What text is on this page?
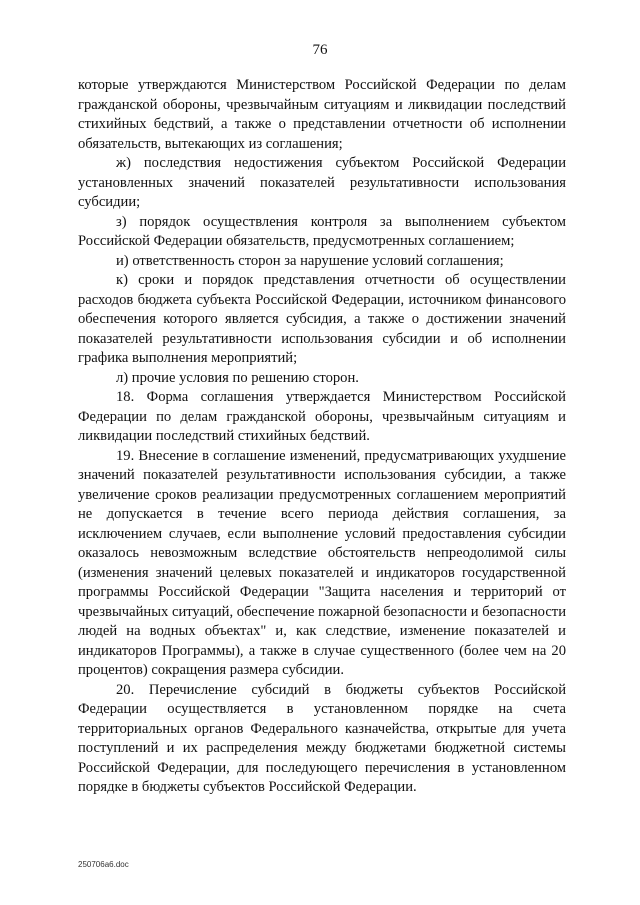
76

которые утверждаются Министерством Российской Федерации по делам гражданской обороны, чрезвычайным ситуациям и ликвидации последствий стихийных бедствий, а также о представлении отчетности об исполнении обязательств, вытекающих из соглашения;

ж) последствия недостижения субъектом Российской Федерации установленных значений показателей результативности использования субсидии;

з) порядок осуществления контроля за выполнением субъектом Российской Федерации обязательств, предусмотренных соглашением;

и) ответственность сторон за нарушение условий соглашения;

к) сроки и порядок представления отчетности об осуществлении расходов бюджета субъекта Российской Федерации, источником финансового обеспечения которого является субсидия, а также о достижении значений показателей результативности использования субсидии и об исполнении графика выполнения мероприятий;

л) прочие условия по решению сторон.

18. Форма соглашения утверждается Министерством Российской Федерации по делам гражданской обороны, чрезвычайным ситуациям и ликвидации последствий стихийных бедствий.

19. Внесение в соглашение изменений, предусматривающих ухудшение значений показателей результативности использования субсидии, а также увеличение сроков реализации предусмотренных соглашением мероприятий не допускается в течение всего периода действия соглашения, за исключением случаев, если выполнение условий предоставления субсидии оказалось невозможным вследствие обстоятельств непреодолимой силы (изменения значений целевых показателей и индикаторов государственной программы Российской Федерации "Защита населения и территорий от чрезвычайных ситуаций, обеспечение пожарной безопасности и безопасности людей на водных объектах" и, как следствие, изменение показателей и индикаторов Программы), а также в случае существенного (более чем на 20 процентов) сокращения размера субсидии.

20. Перечисление субсидий в бюджеты субъектов Российской Федерации осуществляется в установленном порядке на счета территориальных органов Федерального казначейства, открытые для учета поступлений и их распределения между бюджетами бюджетной системы Российской Федерации, для последующего перечисления в установленном порядке в бюджеты субъектов Российской Федерации.

250706a6.doc
